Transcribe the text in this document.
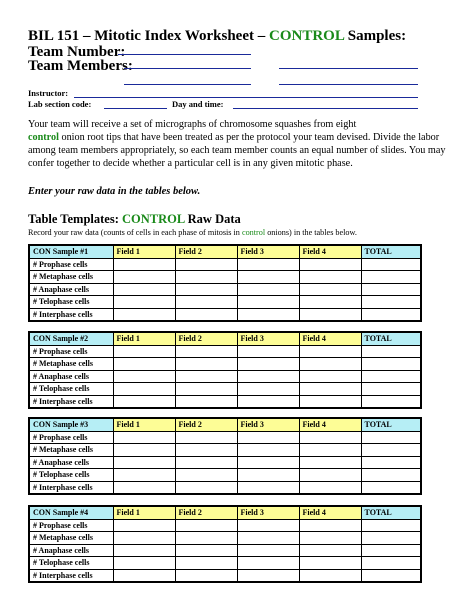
BIL 151 – Mitotic Index Worksheet – CONTROL Samples:
Team Number:
Team Members:
Instructor:
Lab section code:	Day and time:
Your team will receive a set of micrographs of chromosome squashes from eight
control onion root tips that have been treated as per the protocol your team devised. Divide the labor among team members appropriately, so each team member counts an equal number of slides. You may confer together to decide whether a particular cell is in any given mitotic phase.
Enter your raw data in the tables below.
Table Templates: CONTROL Raw Data
Record your raw data (counts of cells in each phase of mitosis in control onions) in the tables below.
CON Sample #1	Field 1	Field 2	Field 3	Field 4	TOTAL
# Prophase cells					
# Metaphase cells					
# Anaphase cells					
# Telophase cells					
# Interphase cells					
CON Sample #2	Field 1	Field 2	Field 3	Field 4	TOTAL
# Prophase cells					
# Metaphase cells					
# Anaphase cells					
# Telophase cells					
# Interphase cells					
CON Sample #3	Field 1	Field 2	Field 3	Field 4	TOTAL
# Prophase cells					
# Metaphase cells					
# Anaphase cells					
# Telophase cells					
# Interphase cells					
CON Sample #4	Field 1	Field 2	Field 3	Field 4	TOTAL
# Prophase cells					
# Metaphase cells					
# Anaphase cells					
# Telophase cells					
# Interphase cells					
